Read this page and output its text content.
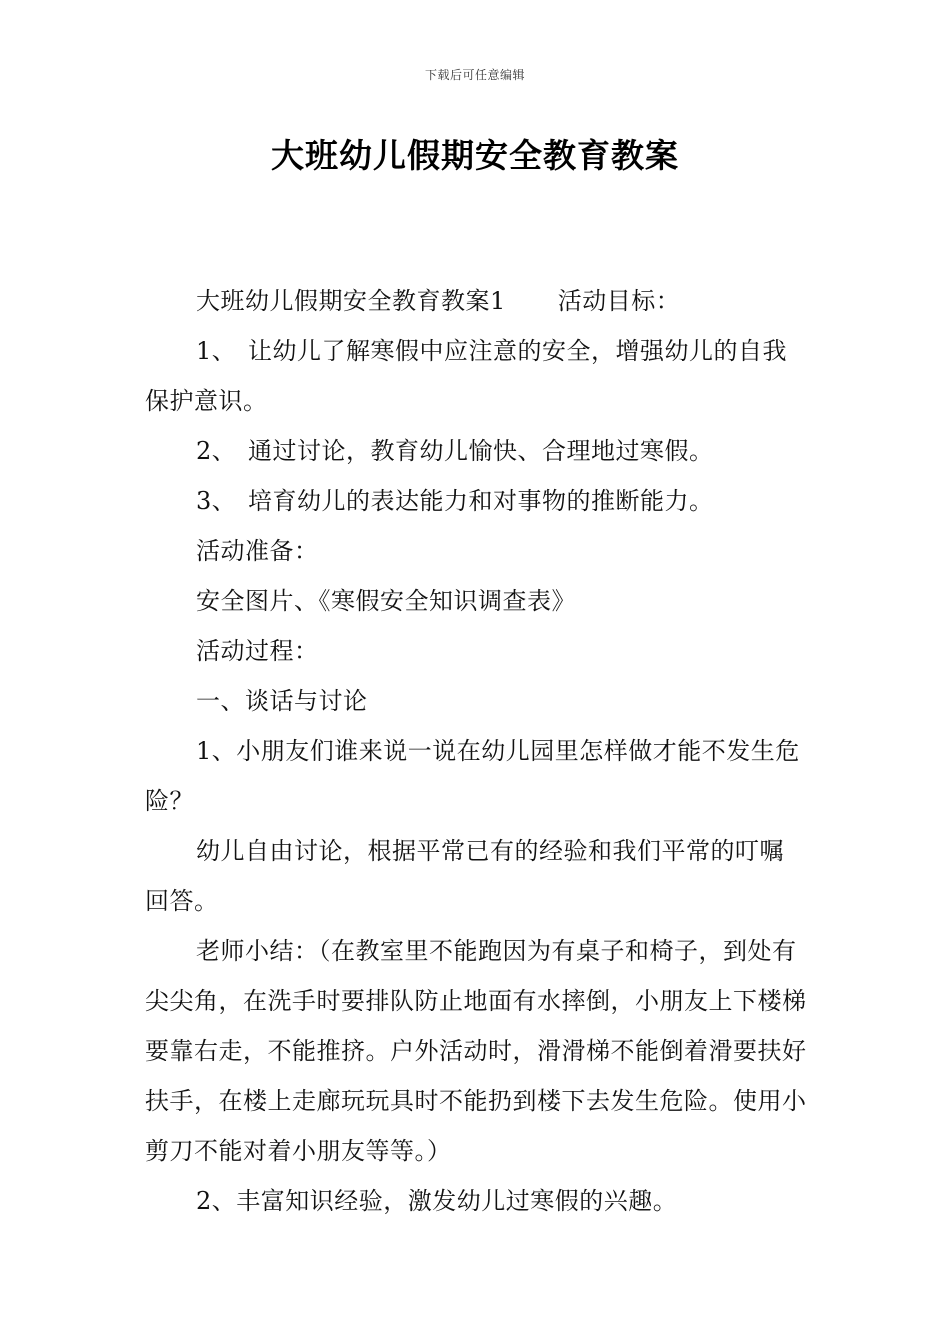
下载后可任意编辑
大班幼儿假期安全教育教案

大班幼儿假期安全教育教案1 活动目标：

1、 让幼儿了解寒假中应注意的安全，增强幼儿的自我保护意识。

2、 通过讨论，教育幼儿愉快、合理地过寒假。

3、 培育幼儿的表达能力和对事物的推断能力。

活动准备：

安全图片、《寒假安全知识调查表》

活动过程：

一、谈话与讨论

1、小朋友们谁来说一说在幼儿园里怎样做才能不发生危险？

幼儿自由讨论，根据平常已有的经验和我们平常的叮嘱回答。

老师小结：（在教室里不能跑因为有桌子和椅子，到处有尖尖角，在洗手时要排队防止地面有水摔倒，小朋友上下楼梯要靠右走，不能推挤。户外活动时，滑滑梯不能倒着滑要扶好扶手，在楼上走廊玩玩具时不能扔到楼下去发生危险。使用小剪刀不能对着小朋友等等。）

2、丰富知识经验，激发幼儿过寒假的兴趣。
